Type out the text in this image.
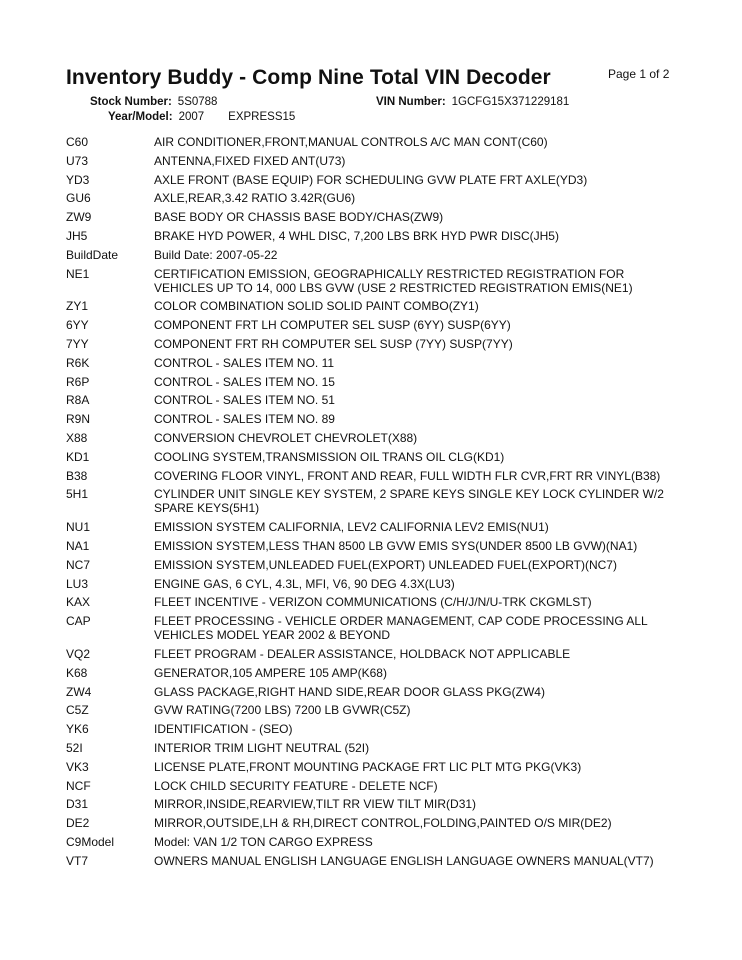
Inventory Buddy - Comp Nine Total VIN Decoder	Page 1 of 2
Stock Number: 5S0788	VIN Number: 1GCFG15X371229181
Year/Model: 2007 EXPRESS15
C60	AIR CONDITIONER,FRONT,MANUAL CONTROLS A/C MAN CONT(C60)
U73	ANTENNA,FIXED FIXED ANT(U73)
YD3	AXLE FRONT (BASE EQUIP) FOR SCHEDULING GVW PLATE FRT AXLE(YD3)
GU6	AXLE,REAR,3.42 RATIO 3.42R(GU6)
ZW9	BASE BODY OR CHASSIS BASE BODY/CHAS(ZW9)
JH5	BRAKE HYD POWER, 4 WHL DISC, 7,200 LBS BRK HYD PWR DISC(JH5)
BuildDate	Build Date: 2007-05-22
NE1	CERTIFICATION EMISSION, GEOGRAPHICALLY RESTRICTED REGISTRATION FOR VEHICLES UP TO 14, 000 LBS GVW (USE 2 RESTRICTED REGISTRATION EMIS(NE1)
ZY1	COLOR COMBINATION SOLID SOLID PAINT COMBO(ZY1)
6YY	COMPONENT FRT LH COMPUTER SEL SUSP (6YY) SUSP(6YY)
7YY	COMPONENT FRT RH COMPUTER SEL SUSP (7YY) SUSP(7YY)
R6K	CONTROL - SALES ITEM NO. 11
R6P	CONTROL - SALES ITEM NO. 15
R8A	CONTROL - SALES ITEM NO. 51
R9N	CONTROL - SALES ITEM NO. 89
X88	CONVERSION CHEVROLET CHEVROLET(X88)
KD1	COOLING SYSTEM,TRANSMISSION OIL TRANS OIL CLG(KD1)
B38	COVERING FLOOR VINYL, FRONT AND REAR, FULL WIDTH FLR CVR,FRT RR VINYL(B38)
5H1	CYLINDER UNIT SINGLE KEY SYSTEM, 2 SPARE KEYS SINGLE KEY LOCK CYLINDER W/2 SPARE KEYS(5H1)
NU1	EMISSION SYSTEM CALIFORNIA, LEV2 CALIFORNIA LEV2 EMIS(NU1)
NA1	EMISSION SYSTEM,LESS THAN 8500 LB GVW EMIS SYS(UNDER 8500 LB GVW)(NA1)
NC7	EMISSION SYSTEM,UNLEADED FUEL(EXPORT) UNLEADED FUEL(EXPORT)(NC7)
LU3	ENGINE GAS, 6 CYL, 4.3L, MFI, V6, 90 DEG 4.3X(LU3)
KAX	FLEET INCENTIVE - VERIZON COMMUNICATIONS (C/H/J/N/U-TRK CKGMLST)
CAP	FLEET PROCESSING - VEHICLE ORDER MANAGEMENT, CAP CODE PROCESSING ALL VEHICLES MODEL YEAR 2002 & BEYOND
VQ2	FLEET PROGRAM - DEALER ASSISTANCE, HOLDBACK NOT APPLICABLE
K68	GENERATOR,105 AMPERE 105 AMP(K68)
ZW4	GLASS PACKAGE,RIGHT HAND SIDE,REAR DOOR GLASS PKG(ZW4)
C5Z	GVW RATING(7200 LBS) 7200 LB GVWR(C5Z)
YK6	IDENTIFICATION - (SEO)
52I	INTERIOR TRIM LIGHT NEUTRAL (52I)
VK3	LICENSE PLATE,FRONT MOUNTING PACKAGE FRT LIC PLT MTG PKG(VK3)
NCF	LOCK CHILD SECURITY FEATURE - DELETE NCF)
D31	MIRROR,INSIDE,REARVIEW,TILT RR VIEW TILT MIR(D31)
DE2	MIRROR,OUTSIDE,LH & RH,DIRECT CONTROL,FOLDING,PAINTED O/S MIR(DE2)
C9Model	Model: VAN 1/2 TON CARGO EXPRESS
VT7	OWNERS MANUAL ENGLISH LANGUAGE ENGLISH LANGUAGE OWNERS MANUAL(VT7)
